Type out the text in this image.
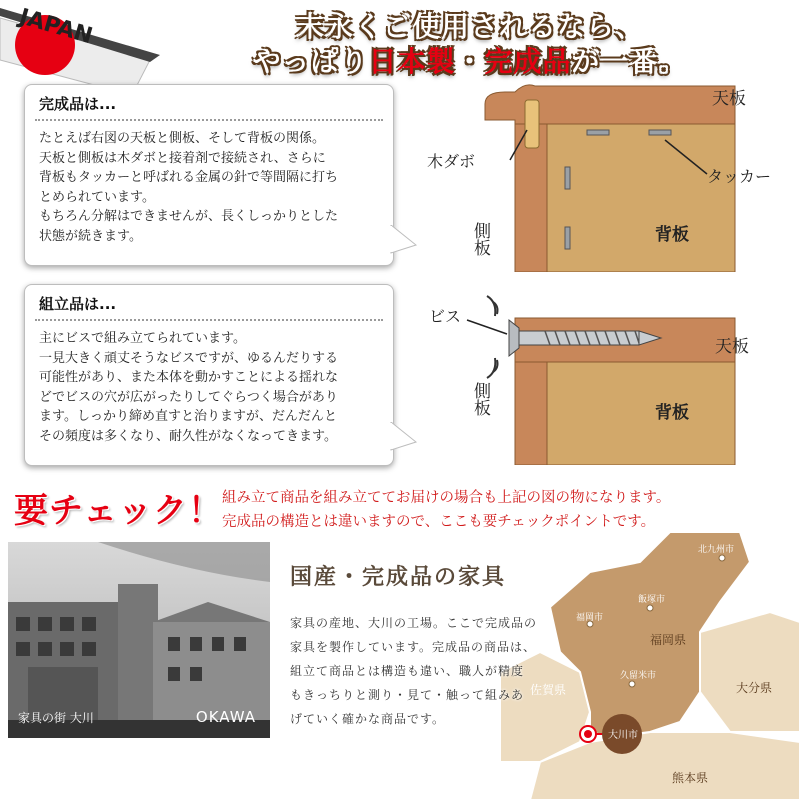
JAPAN	末永くご使用されるなら、
やっぱり日本製・完成品が一番。
完成品は...
たとえば右図の天板と側板、そして背板の関係。
天板と側板は木ダボと接着剤で接続され、さらに
背板もタッカーと呼ばれる金属の針で等間隔に打ち
とめられています。
もちろん分解はできませんが、長くしっかりとした
状態が続きます。
天板
木ダボ
タッカー
背板
側板
組立品は...
主にビスで組み立てられています。
一見大きく頑丈そうなビスですが、ゆるんだりする
可能性があり、また本体を動かすことによる揺れな
どでビスの穴が広がったりしてぐらつく場合があり
ます。しっかり締め直すと治りますが、だんだんと
その頻度は多くなり、耐久性がなくなってきます。
ビス
天板
背板
側板
要チェック！ 組み立て商品を組み立ててお届けの場合も上記の図の物になります。
完成品の構造とは違いますので、ここも要チェックポイントです。
家具の街 大川	OKAWA
北九州市
飯塚市
福岡市
久留米市
福岡県
佐賀県	大分県
熊本県
大川市
国産・完成品の家具
家具の産地、大川の工場。ここで完成品の
家具を製作しています。完成品の商品は、
組立て商品とは構造も違い、職人が精度
もきっちりと測り・見て・触って組みあ
げていく確かな商品です。
